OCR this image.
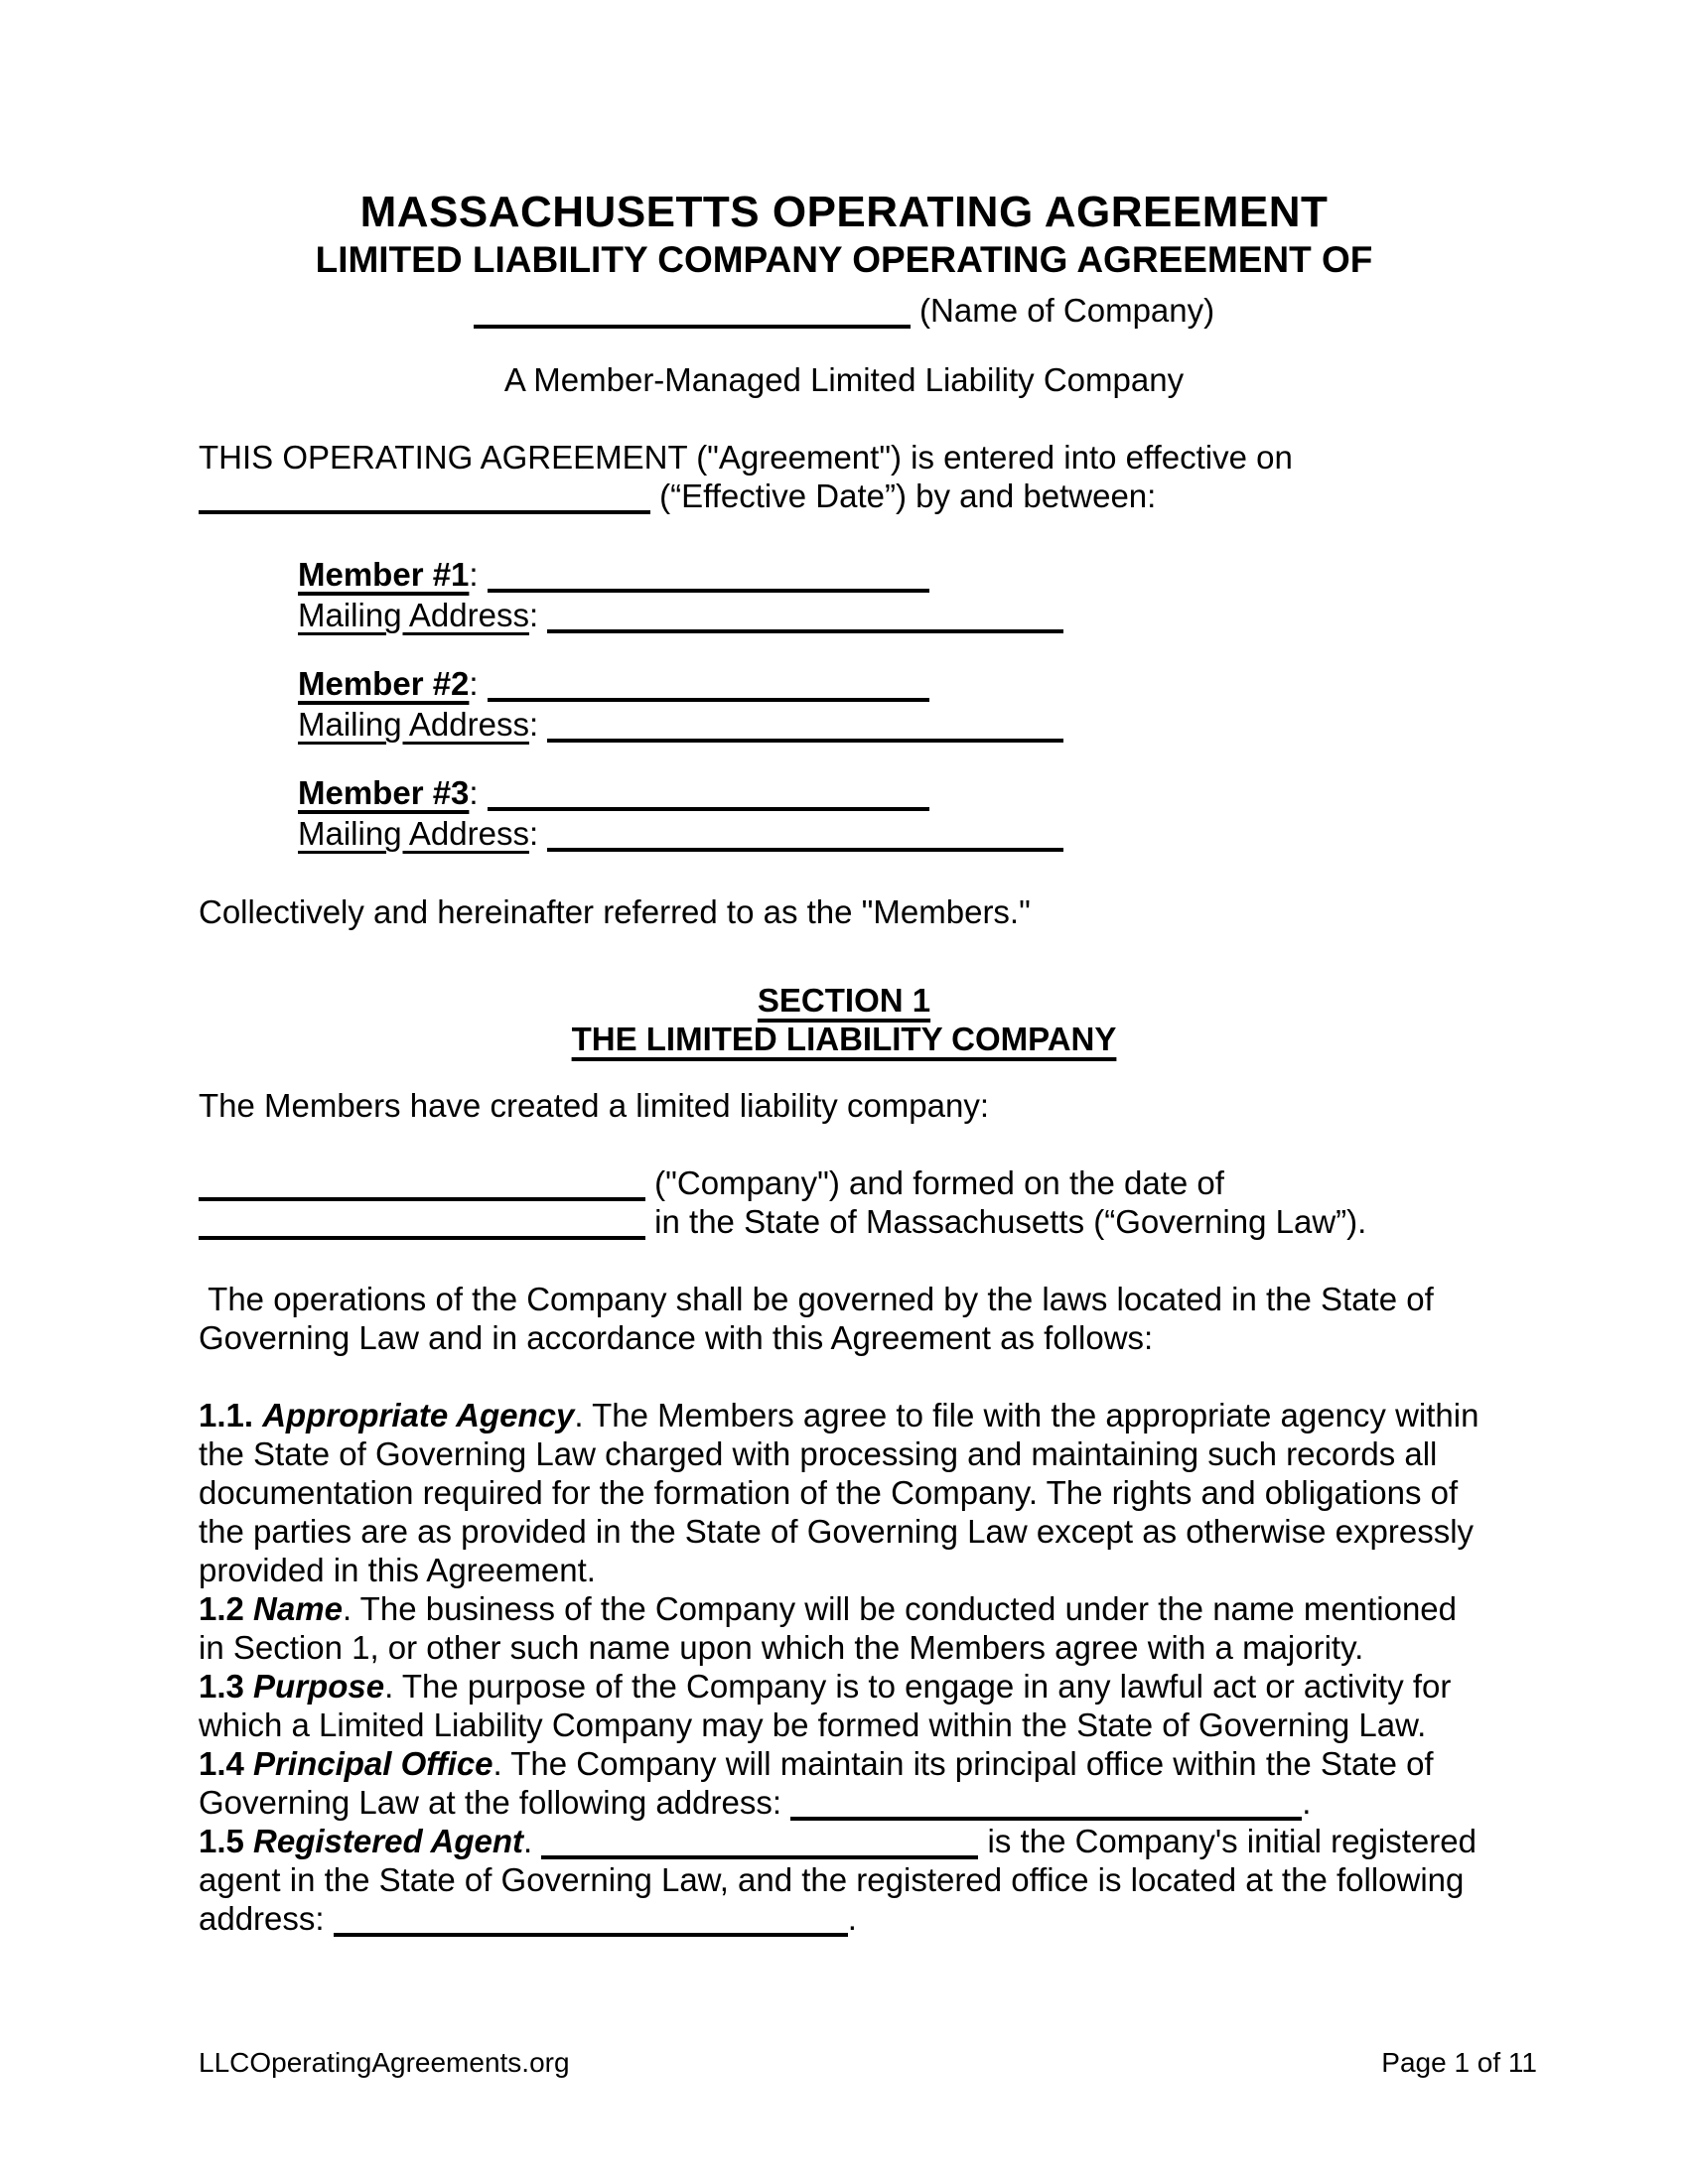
MASSACHUSETTS OPERATING AGREEMENT
LIMITED LIABILITY COMPANY OPERATING AGREEMENT OF
(Name of Company)
A Member-Managed Limited Liability Company

THIS OPERATING AGREEMENT ("Agreement") is entered into effective on
(“Effective Date”) by and between:

Member #1:
Mailing Address:
Member #2:
Mailing Address:
Member #3:
Mailing Address:

Collectively and hereinafter referred to as the "Members."

SECTION 1
THE LIMITED LIABILITY COMPANY

The Members have created a limited liability company:

("Company") and formed on the date of
in the State of Massachusetts (“Governing Law”).

The operations of the Company shall be governed by the laws located in the State of Governing Law and in accordance with this Agreement as follows:

1.1. Appropriate Agency. The Members agree to file with the appropriate agency within the State of Governing Law charged with processing and maintaining such records all documentation required for the formation of the Company. The rights and obligations of the parties are as provided in the State of Governing Law except as otherwise expressly provided in this Agreement.

1.2 Name. The business of the Company will be conducted under the name mentioned in Section 1, or other such name upon which the Members agree with a majority.

1.3 Purpose. The purpose of the Company is to engage in any lawful act or activity for which a Limited Liability Company may be formed within the State of Governing Law.

1.4 Principal Office. The Company will maintain its principal office within the State of Governing Law at the following address:	.

1.5 Registered Agent.	is the Company's initial registered agent in the State of Governing Law, and the registered office is located at the following address:	.

LLCOperatingAgreements.org	Page 1 of 11
